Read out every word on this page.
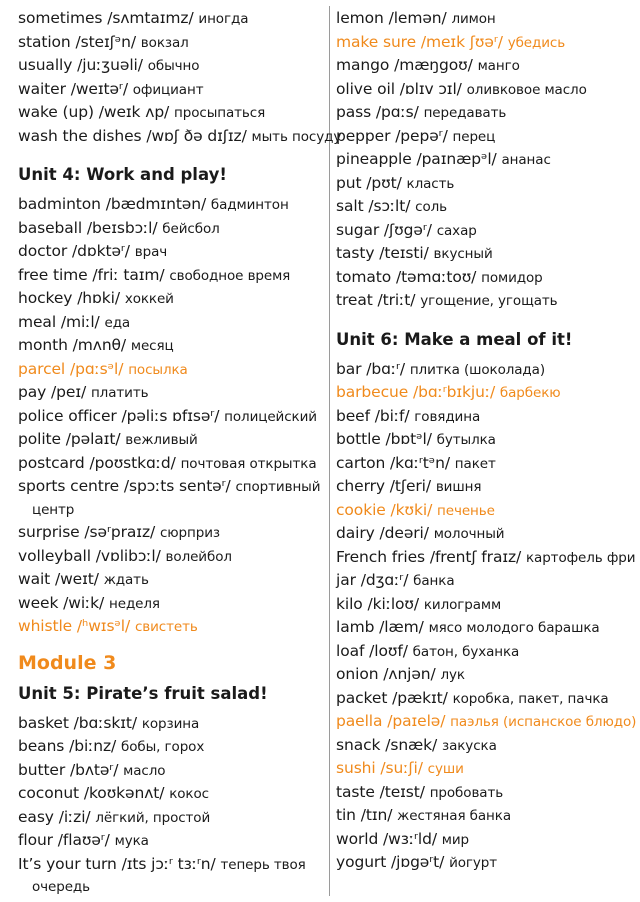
sometimes /sʌmtaɪmz/ иногда
station /steɪʃᵊn/ вокзал
usually /juːʒuəli/ обычно
waiter /weɪtəʳ/ официант
wake (up) /weɪk ʌp/ просыпаться
wash the dishes /wɒʃ ðə dɪʃɪz/ мыть посуду
Unit 4: Work and play!
badminton /bædmɪntən/ бадминтон
baseball /beɪsbɔːl/ бейсбол
doctor /dɒktəʳ/ врач
free time /friː taɪm/ свободное время
hockey /hɒki/ хоккей
meal /miːl/ еда
month /mʌnθ/ месяц
parcel /pɑːsᵊl/ посылка
pay /peɪ/ платить
police officer /pəliːs ɒfɪsəʳ/ полицейский
polite /pəlaɪt/ вежливый
postcard /poʊstkɑːd/ почтовая открытка
sports centre /spɔːts sentəʳ/ спортивный
центр
surprise /səʳpraɪz/ сюрприз
volleyball /vɒlibɔːl/ волейбол
wait /weɪt/ ждать
week /wiːk/ неделя
whistle /ʰwɪsᵊl/ свистеть
Module 3
Unit 5: Pirate’s fruit salad!
basket /bɑːskɪt/ корзина
beans /biːnz/ бобы, горох
butter /bʌtəʳ/ масло
coconut /koʊkənʌt/ кокос
easy /iːzi/ лёгкий, простой
flour /flaʊəʳ/ мука
It’s your turn /ɪts jɔːʳ tɜːʳn/ теперь твоя
очередь
lemon /lemən/ лимон
make sure /meɪk ʃʊəʳ/ убедись
mango /mæŋgoʊ/ манго
olive oil /ɒlɪv ɔɪl/ оливковое масло
pass /pɑːs/ передавать
pepper /pepəʳ/ перец
pineapple /paɪnæpᵊl/ ананас
put /pʊt/ класть
salt /sɔːlt/ соль
sugar /ʃʊgəʳ/ сахар
tasty /teɪsti/ вкусный
tomato /təmɑːtoʊ/ помидор
treat /triːt/ угощение, угощать
Unit 6: Make a meal of it!
bar /bɑːʳ/ плитка (шоколада)
barbecue /bɑːʳbɪkjuː/ барбекю
beef /biːf/ говядина
bottle /bɒtᵊl/ бутылка
carton /kɑːʳtᵊn/ пакет
cherry /tʃeri/ вишня
cookie /kʊki/ печенье
dairy /deəri/ молочный
French fries /frentʃ fraɪz/ картофель фри
jar /dʒɑːʳ/ банка
kilo /kiːloʊ/ килограмм
lamb /læm/ мясо молодого барашка
loaf /loʊf/ батон, буханка
onion /ʌnjən/ лук
packet /pækɪt/ коробка, пакет, пачка
paella /paɪelə/ паэлья (испанское блюдо)
snack /snæk/ закуска
sushi /suːʃi/ суши
taste /teɪst/ пробовать
tin /tɪn/ жестяная банка
world /wɜːʳld/ мир
yogurt /jɒgəʳt/ йогурт
